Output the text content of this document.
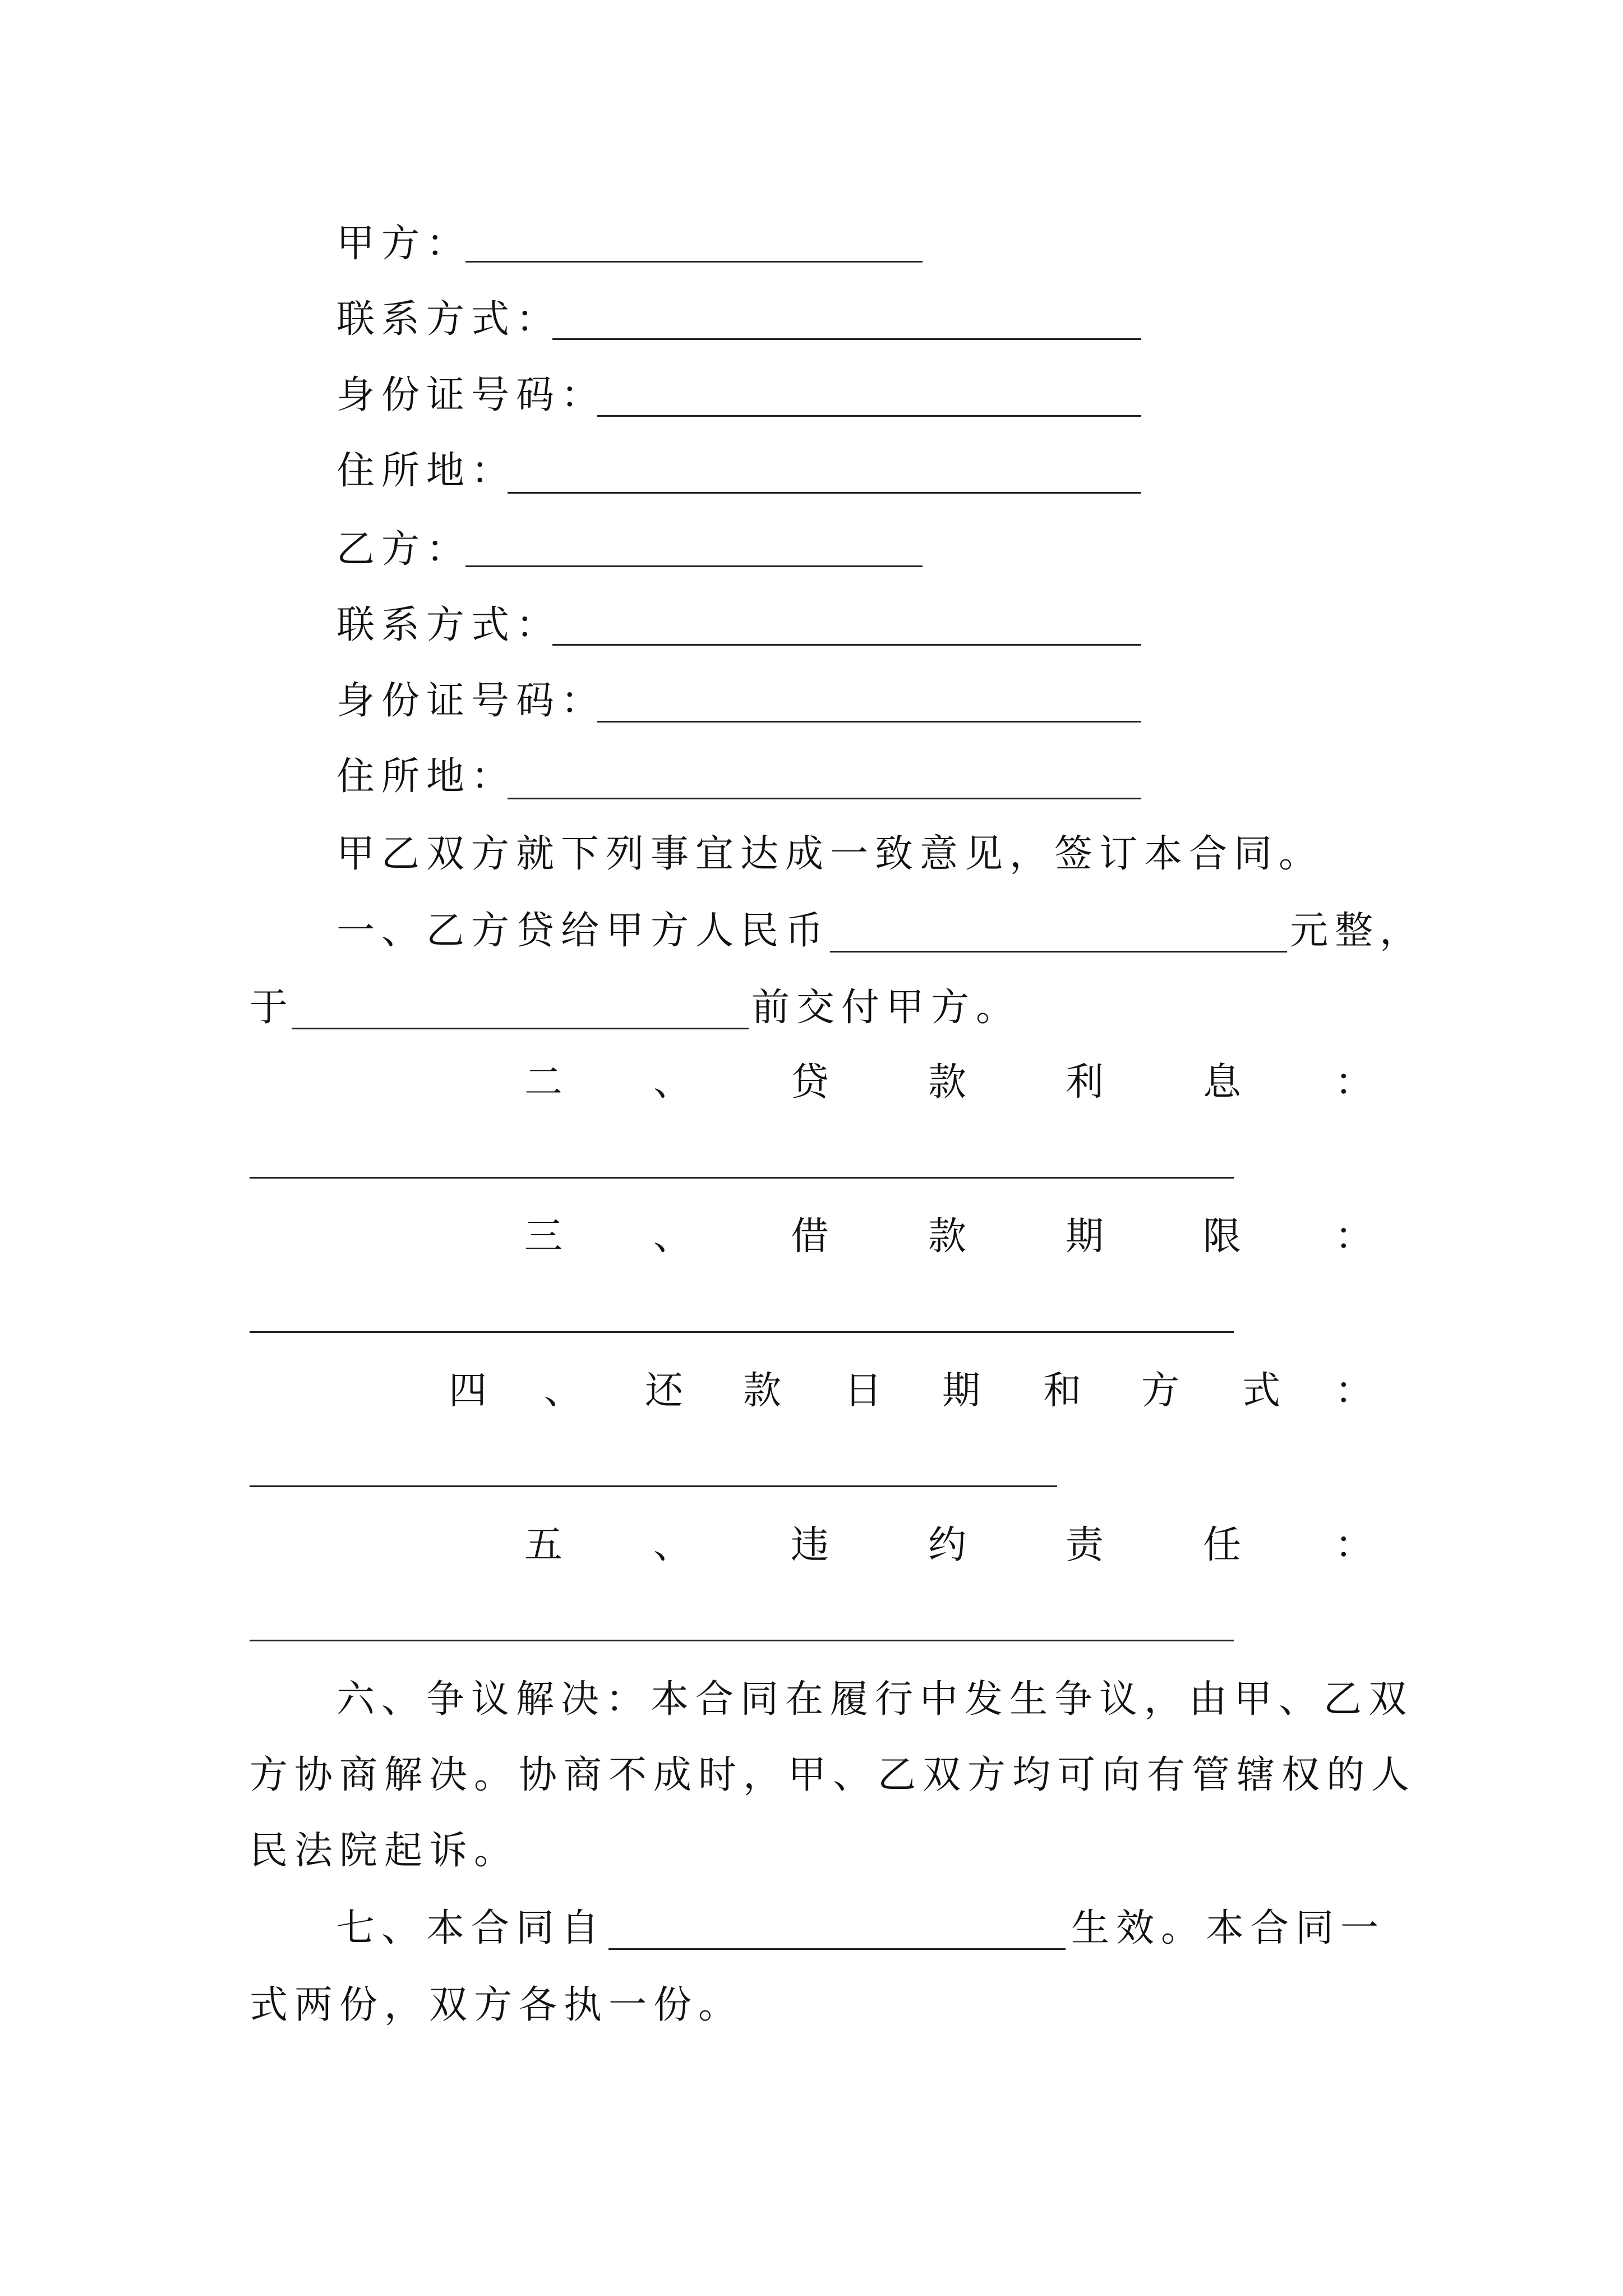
甲方：
联系方式：
身份证号码：
住所地：
乙方：
联系方式：
身份证号码：
住所地：
甲乙双方就下列事宜达成一致意见，签订本合同。
一、乙方贷给甲方人民币	元整，
于	前交付甲方。
二 、	贷	款	利	息 ：
三 、	借	款	期	限 ：
四 、 还 款 日 期 和 方 式 ：
五 、	违	约	责	任 ：
六、争议解决：本合同在履行中发生争议，由甲、乙双
方协商解决。协商不成时，甲、乙双方均可向有管辖权的人
民法院起诉。
七、本合同自	生效。本合同一
式两份，双方各执一份。
